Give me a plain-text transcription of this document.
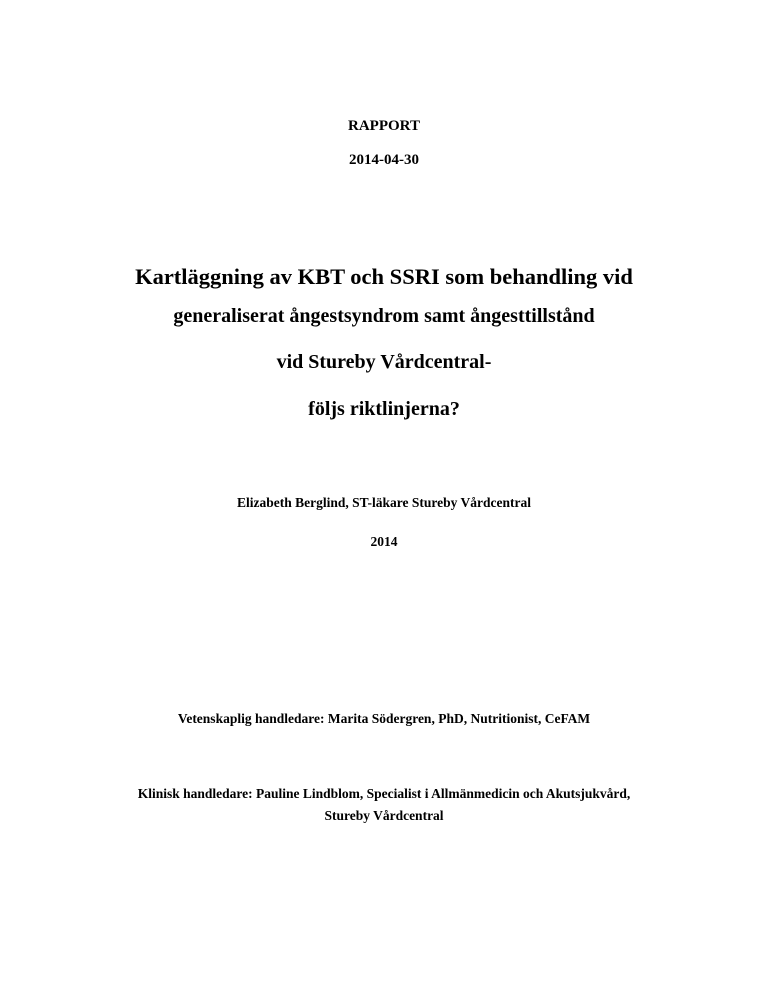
RAPPORT

2014-04-30

Kartläggning av KBT och SSRI som behandling vid
generaliserat ångestsyndrom samt ångesttillstånd
vid Stureby Vårdcentral-
följs riktlinjerna?

Elizabeth Berglind, ST-läkare Stureby Vårdcentral

2014

Vetenskaplig handledare: Marita Södergren, PhD, Nutritionist, CeFAM

Klinisk handledare: Pauline Lindblom, Specialist i Allmänmedicin och Akutsjukvård,

Stureby Vårdcentral
